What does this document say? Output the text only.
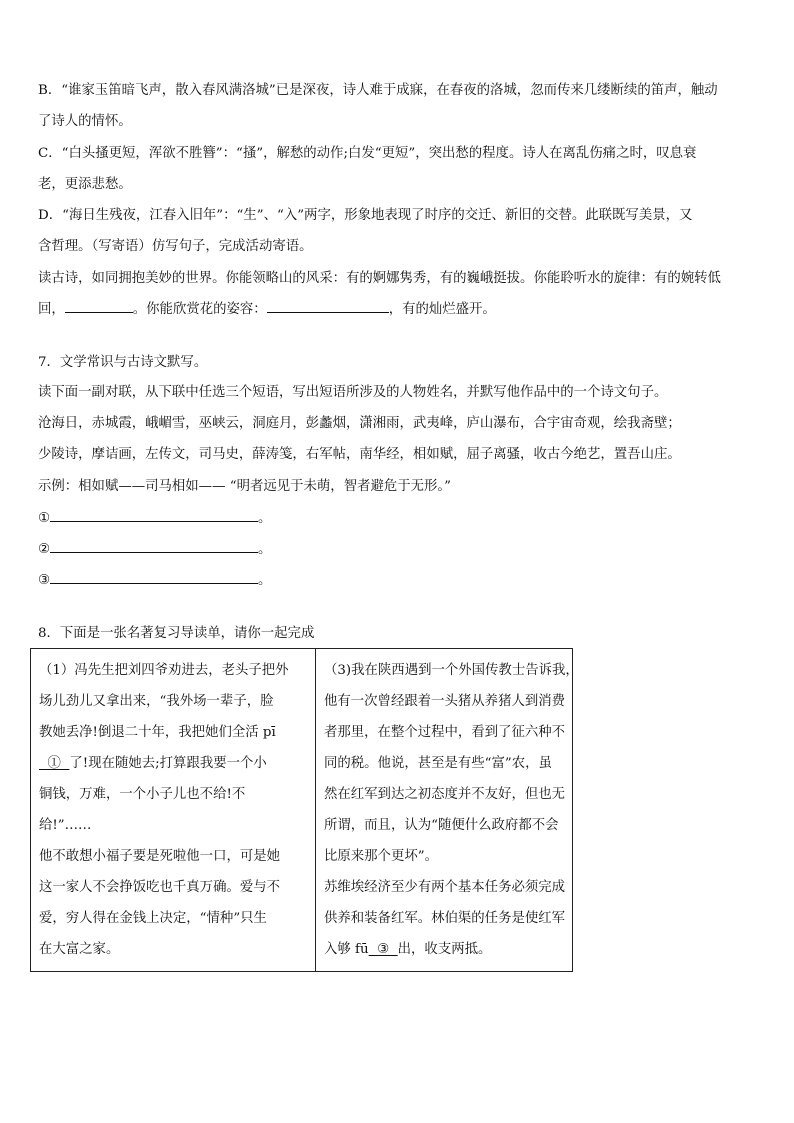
B．“谁家玉笛暗飞声，散入春风满洛城”已是深夜，诗人难于成寐，在春夜的洛城，忽而传来几缕断续的笛声，触动
了诗人的情怀。
C．“白头搔更短，浑欲不胜簪”：“搔”，解愁的动作;白发“更短”，突出愁的程度。诗人在离乱伤痛之时，叹息衰
老，更添悲愁。
D．“海日生残夜，江春入旧年”：“生”、“入”两字，形象地表现了时序的交迁、新旧的交替。此联既写美景，又
含哲理。（写寄语）仿写句子，完成活动寄语。
读古诗，如同拥抱美妙的世界。你能领略山的风采：有的婀娜隽秀，有的巍峨挺拔。你能聆听水的旋律：有的婉转低
回，	。你能欣赏花的姿容：	，有的灿烂盛开。
7．文学常识与古诗文默写。
读下面一副对联，从下联中任选三个短语，写出短语所涉及的人物姓名，并默写他作品中的一个诗文句子。
沧海日，赤城霞，峨嵋雪，巫峡云，洞庭月，彭蠡烟，潇湘雨，武夷峰，庐山瀑布，合宇宙奇观，绘我斋壁；
少陵诗，摩诘画，左传文，司马史，薛涛笺，右军帖，南华经，相如赋，屈子离骚，收古今绝艺，置吾山庄。
示例：相如赋——司马相如—— “明者远见于未萌，智者避危于无形。”
①	。
②	。
③	。
8．下面是一张名著复习导读单，请你一起完成
（1）冯先生把刘四爷劝进去，老头子把外
场儿劲儿又拿出来，“我外场一辈子，脸
教她丢净!倒退二十年，我把她们全活 pī
①  了!现在随她去;打算跟我要一个小
铜钱，万难，一个小子儿也不给!不
给!”……
他不敢想小福子要是死啦他一口，可是她
这一家人不会挣饭吃也千真万确。爱与不
爱，穷人得在金钱上决定，“情种”只生
在大富之家。

（3)我在陕西遇到一个外国传教士告诉我，
他有一次曾经跟着一头猪从养猪人到消费
者那里，在整个过程中，看到了征六种不
同的税。他说，甚至是有些“富”农，虽
然在红军到达之初态度并不友好，但也无
所谓，而且，认为“随便什么政府都不会
比原来那个更坏”。
苏维埃经济至少有两个基本任务必须完成
供养和装备红军。林伯渠的任务是使红军
入够 fū  ③  出，收支两抵。
